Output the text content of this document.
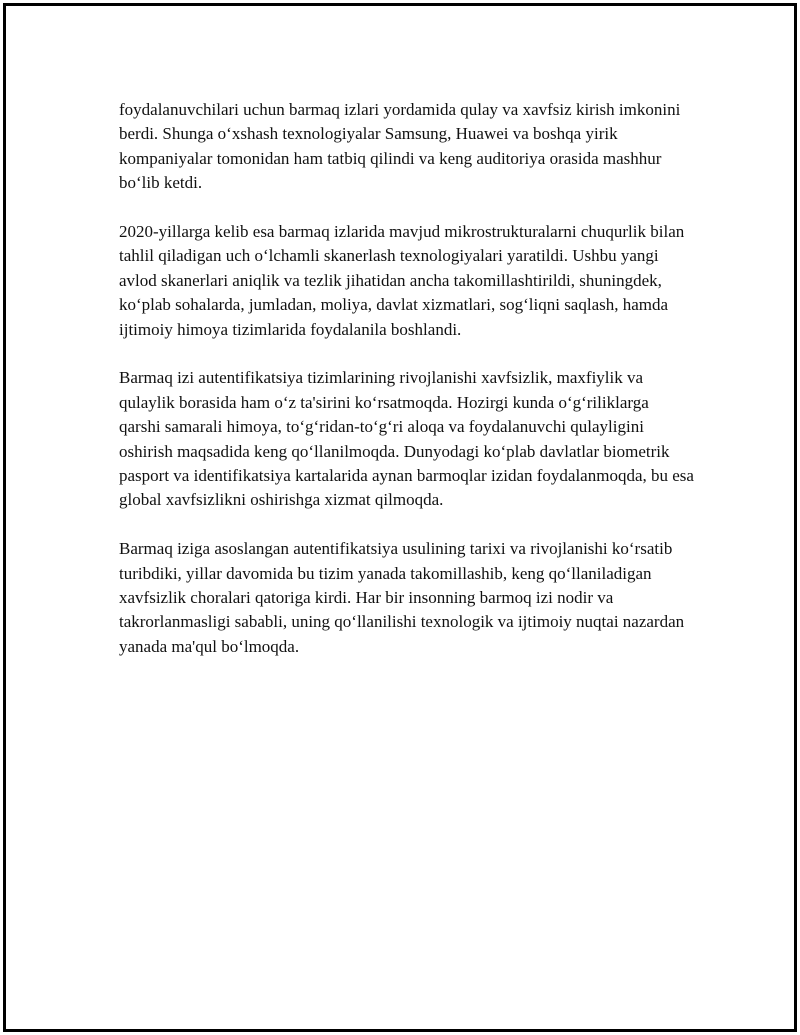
foydalanuvchilari uchun barmaq izlari yordamida qulay va xavfsiz kirish imkonini berdi. Shunga o‘xshash texnologiyalar Samsung, Huawei va boshqa yirik kompaniyalar tomonidan ham tatbiq qilindi va keng auditoriya orasida mashhur bo‘lib ketdi.

2020-yillarga kelib esa barmaq izlarida mavjud mikrostrukturalarni chuqurlik bilan tahlil qiladigan uch o‘lchamli skanerlash texnologiyalari yaratildi. Ushbu yangi avlod skanerlari aniqlik va tezlik jihatidan ancha takomillashtirildi, shuningdek, ko‘plab sohalarda, jumladan, moliya, davlat xizmatlari, sog‘liqni saqlash, hamda ijtimoiy himoya tizimlarida foydalanila boshlandi.

Barmaq izi autentifikatsiya tizimlarining rivojlanishi xavfsizlik, maxfiylik va qulaylik borasida ham o‘z ta'sirini ko‘rsatmoqda. Hozirgi kunda o‘g‘riliklarga qarshi samarali himoya, to‘g‘ridan-to‘g‘ri aloqa va foydalanuvchi qulayligini oshirish maqsadida keng qo‘llanilmoqda. Dunyodagi ko‘plab davlatlar biometrik pasport va identifikatsiya kartalarida aynan barmoqlar izidan foydalanmoqda, bu esa global xavfsizlikni oshirishga xizmat qilmoqda.

Barmaq iziga asoslangan autentifikatsiya usulining tarixi va rivojlanishi ko‘rsatib turibdiki, yillar davomida bu tizim yanada takomillashib, keng qo‘llaniladigan xavfsizlik choralari qatoriga kirdi. Har bir insonning barmoq izi nodir va takrorlanmasligi sababli, uning qo‘llanilishi texnologik va ijtimoiy nuqtai nazardan yanada ma'qul bo‘lmoqda.
